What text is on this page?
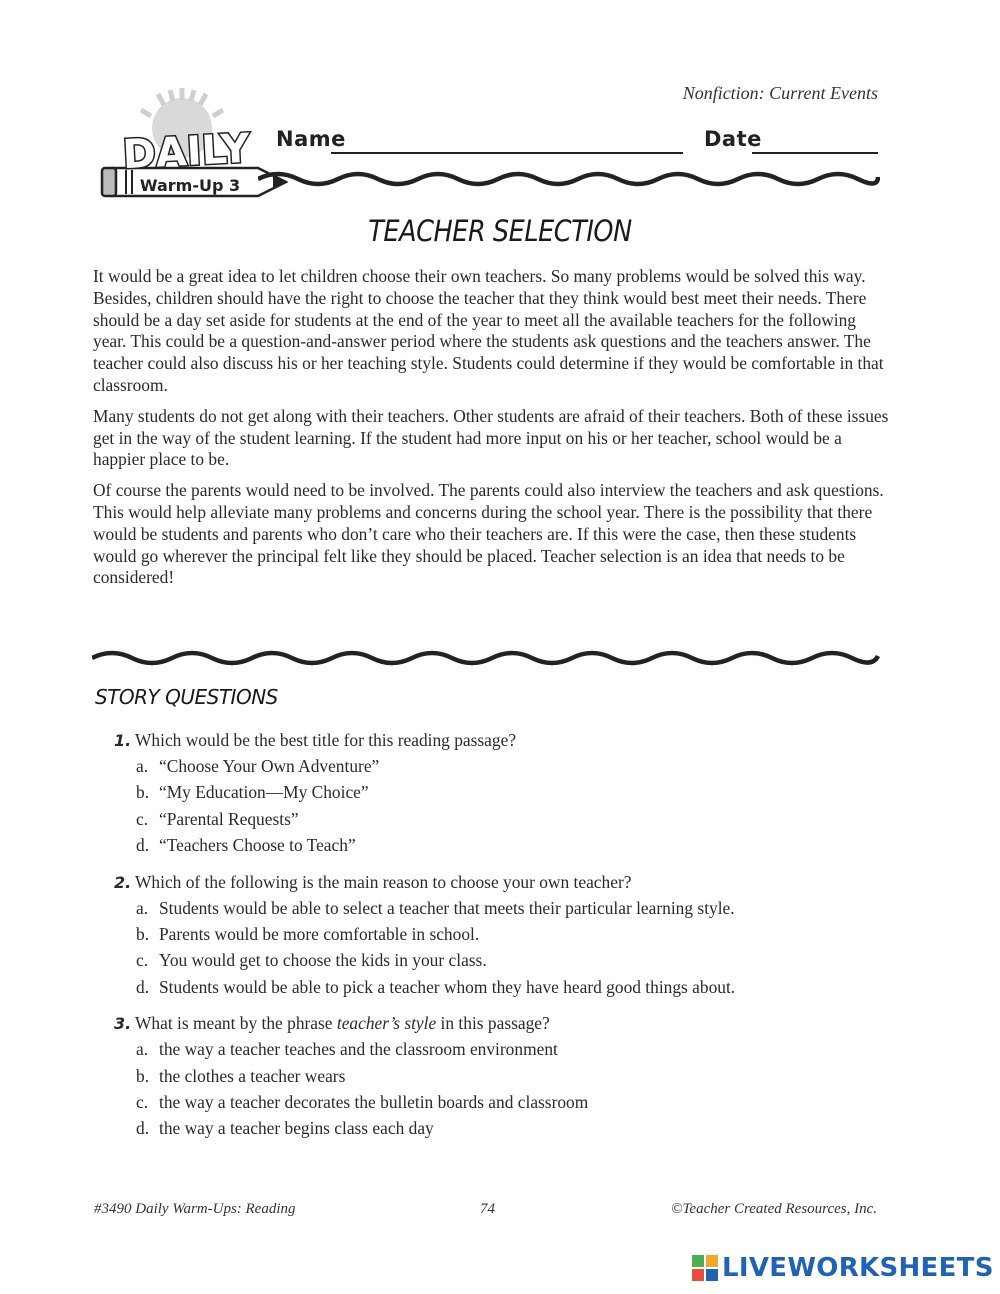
Nonfiction: Current Events
DAILY
Warm-Up 3
Name	Date
TEACHER SELECTION

It would be a great idea to let children choose their own teachers. So many problems would be solved this way. Besides, children should have the right to choose the teacher that they think would best meet their needs. There should be a day set aside for students at the end of the year to meet all the available teachers for the following year. This could be a question-and-answer period where the students ask questions and the teachers answer. The teacher could also discuss his or her teaching style. Students could determine if they would be comfortable in that classroom.

Many students do not get along with their teachers. Other students are afraid of their teachers. Both of these issues get in the way of the student learning. If the student had more input on his or her teacher, school would be a happier place to be.

Of course the parents would need to be involved. The parents could also interview the teachers and ask questions. This would help alleviate many problems and concerns during the school year. There is the possibility that there would be students and parents who don’t care who their teachers are. If this were the case, then these students would go wherever the principal felt like they should be placed. Teacher selection is an idea that needs to be considered!

STORY QUESTIONS
1. Which would be the best title for this reading passage?
a. “Choose Your Own Adventure”
b. “My Education—My Choice”
c. “Parental Requests”
d. “Teachers Choose to Teach”
2. Which of the following is the main reason to choose your own teacher?
a. Students would be able to select a teacher that meets their particular learning style.
b. Parents would be more comfortable in school.
c. You would get to choose the kids in your class.
d. Students would be able to pick a teacher whom they have heard good things about.
3. What is meant by the phrase teacher’s style in this passage?
a. the way a teacher teaches and the classroom environment
b. the clothes a teacher wears
c. the way a teacher decorates the bulletin boards and classroom
d. the way a teacher begins class each day
#3490 Daily Warm-Ups: Reading	74	©Teacher Created Resources, Inc.
LIVEWORKSHEETS
